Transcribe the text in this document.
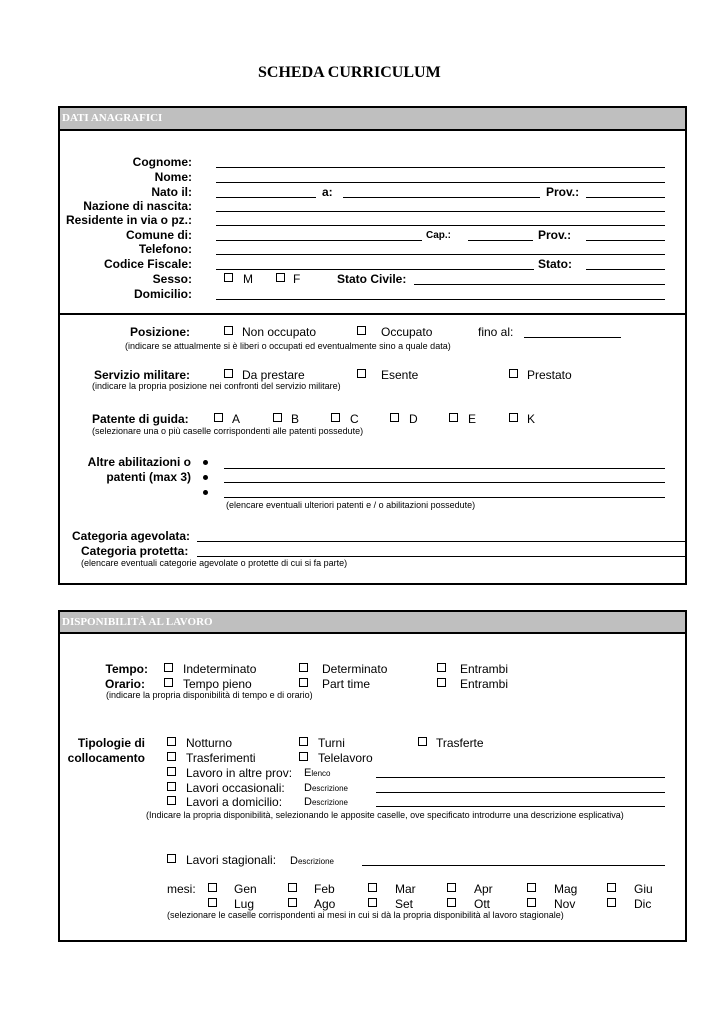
SCHEDA CURRICULUM
DATI ANAGRAFICI
Cognome:
Nome:
Nato il:	a:	Prov.:
Nazione di nascita:
Residente in via o pz.:
Comune di:	Cap.:	Prov.:
Telefono:
Codice Fiscale:	Stato:
Sesso:	M	F	Stato Civile:
Domicilio:
Posizione:	Non occupato	Occupato	fino al:
(indicare se attualmente si è liberi o occupati ed eventualmente sino a quale data)
Servizio militare:	Da prestare	Esente	Prestato
(indicare la propria posizione nei confronti del servizio militare)
Patente di guida:	A	B	C	D	E	K
(selezionare una o più caselle corrispondenti alle patenti possedute)
Altre abilitazioni o
patenti (max 3)
(elencare eventuali ulteriori patenti e / o abilitazioni possedute)
Categoria agevolata:
Categoria protetta:
(elencare eventuali categorie agevolate o protette di cui si fa parte)
DISPONIBILITÀ AL LAVORO
Tempo:	Indeterminato	Determinato	Entrambi
Orario:	Tempo pieno	Part time	Entrambi
(indicare la propria disponibilità di tempo e di orario)
Tipologie di
collocamento
Notturno	Turni	Trasferte
Trasferimenti	Telelavoro
Lavoro in altre prov: Elenco
Lavori occasionali: Descrizione
Lavori a domicilio:	Descrizione
(Indicare la propria disponibilità, selezionando le apposite caselle, ove specificato introdurre una descrizione esplicativa)
Lavori stagionali: Descrizione
mesi:	Gen	Feb	Mar	Apr	Mag	Giu
Lug	Ago	Set	Ott	Nov	Dic
(selezionare le caselle corrispondenti ai mesi in cui si dà la propria disponibilità al lavoro stagionale)
